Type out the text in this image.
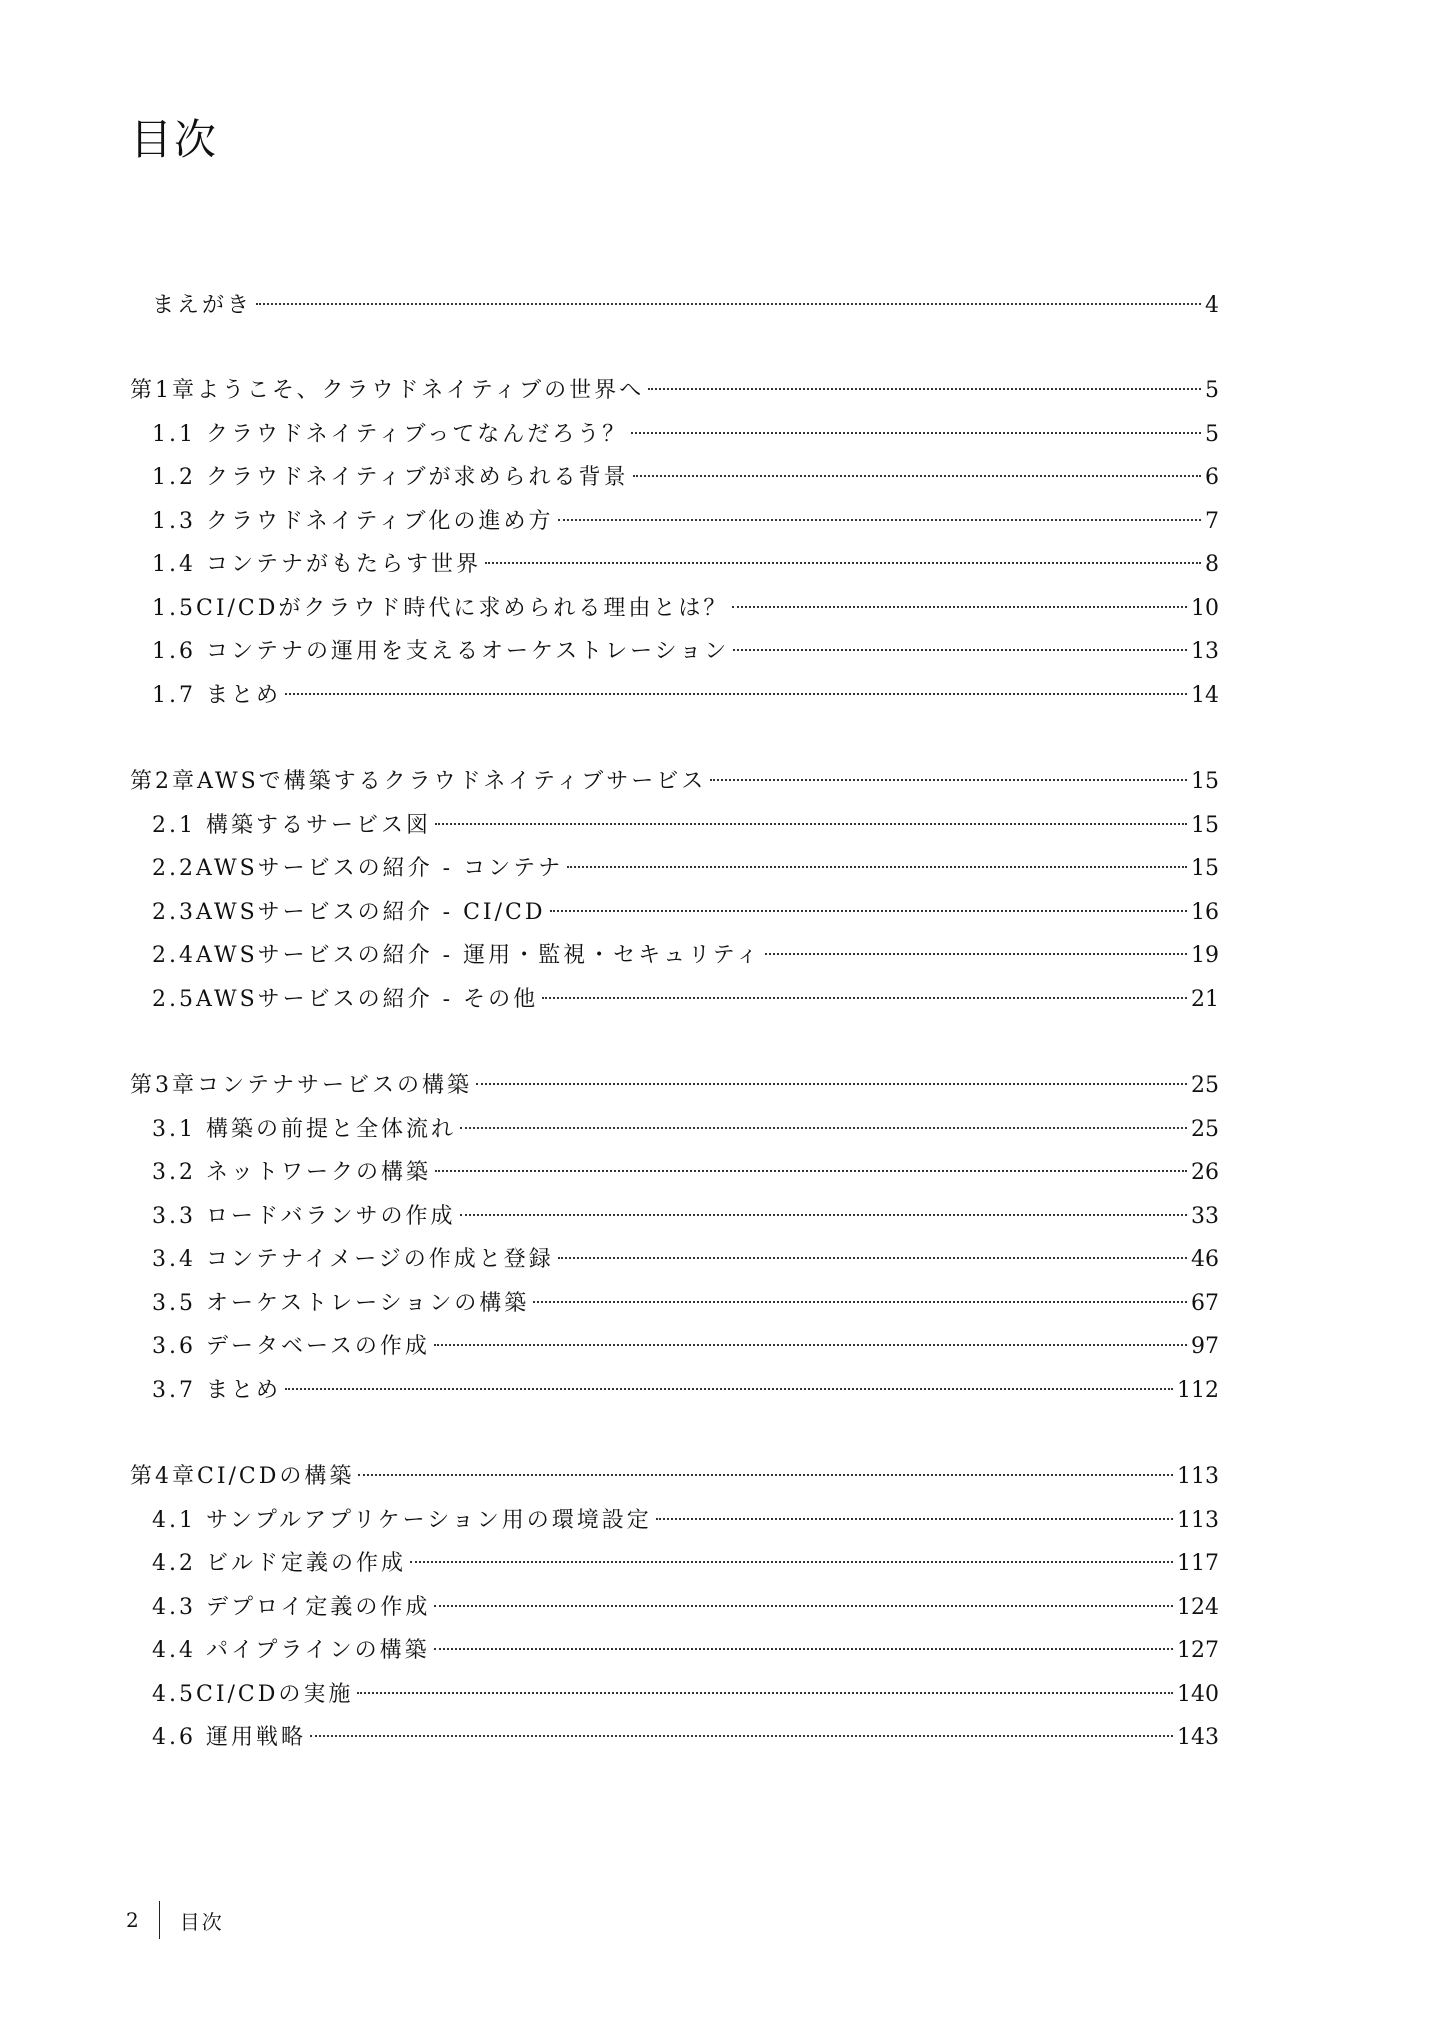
目次
まえがき	4
第1章ようこそ、クラウドネイティブの世界へ	5
1.1 クラウドネイティブってなんだろう？	5
1.2 クラウドネイティブが求められる背景	6
1.3 クラウドネイティブ化の進め方	7
1.4 コンテナがもたらす世界	8
1.5CI/CDがクラウド時代に求められる理由とは？	10
1.6 コンテナの運用を支えるオーケストレーション	13
1.7 まとめ	14
第2章AWSで構築するクラウドネイティブサービス	15
2.1 構築するサービス図	15
2.2AWSサービスの紹介 - コンテナ	15
2.3AWSサービスの紹介 - CI/CD	16
2.4AWSサービスの紹介 - 運用・監視・セキュリティ	19
2.5AWSサービスの紹介 - その他	21
第3章コンテナサービスの構築	25
3.1 構築の前提と全体流れ	25
3.2 ネットワークの構築	26
3.3 ロードバランサの作成	33
3.4 コンテナイメージの作成と登録	46
3.5 オーケストレーションの構築	67
3.6 データベースの作成	97
3.7 まとめ	112
第4章CI/CDの構築	113
4.1 サンプルアプリケーション用の環境設定	113
4.2 ビルド定義の作成	117
4.3 デプロイ定義の作成	124
4.4 パイプラインの構築	127
4.5CI/CDの実施	140
4.6 運用戦略	143
2 目次
